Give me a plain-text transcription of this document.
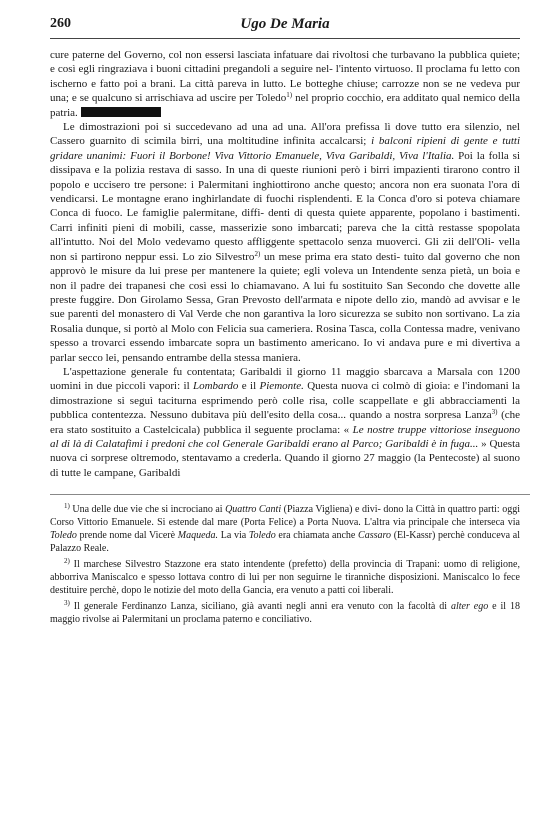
260	Ugo De Maria

cure paterne del Governo, col non essersi lasciata infatuare dai rivoltosi che turbavano la pubblica quiete; e così egli ringraziava i buoni cittadini pregandoli a seguire nel- l'intento virtuoso. Il proclama fu letto con ischerno e fatto poi a brani. La città pareva in lutto. Le botteghe chiuse; carrozze non se ne vedeva pur una; e se qualcuno si arrischiava ad uscire per Toledo$^{1)}$ nel proprio cocchio, era additato qual nemico della patria.

Le dimostrazioni poi si succedevano ad una ad una. All'ora prefissa lì dove tutto era silenzio, nel Cassero guarnito di scimila birri, una moltitudine infinita accalcarsi; i balconi ripieni di gente e tutti gridare unanimi: Fuori il Borbone! Viva Vittorio Emanuele, Viva Garibaldi, Viva l'Italia. Poi la folla si dissipava e la polizia restava di sasso. In una di queste riunioni però i birri impazienti tirarono contro il popolo e uccisero tre persone: i Palermitani inghiottirono anche questo; ancora non era suonata l'ora di vendicarsi. Le montagne erano inghirlandate di fuochi risplendenti. E la Conca d'oro si poteva chiamare Conca di fuoco. Le famiglie palermitane, diffi- denti di questa quiete apparente, popolano i bastimenti. Carri infiniti pieni di mobili, casse, masserizie sono imbarcati; pareva che la città restasse spopolata all'intutto. Noi del Molo vedevamo questo affliggente spettacolo senza muoverci. Gli zii dell'Oli- vella non si partirono neppur essi. Lo zio Silvestro$^{2)}$ un mese prima era stato desti- tuito dal governo che non approvò le misure da lui prese per mantenere la quiete; egli voleva un Intendente senza pietà, un boia e non il padre dei trapanesi che così essi lo chiamavano. A lui fu sostituito San Secondo che dovette alle preste fuggire. Don Girolamo Sessa, Gran Prevosto dell'armata e nipote dello zio, mandò ad avvisar e le sue parenti del monastero di Val Verde che non garantiva la loro sicurezza se subito non sortivano. La zia Rosalia dunque, si portò al Molo con Felicia sua cameriera. Rosina Tasca, colla Contessa madre, venivano spesso a trovarci essendo imbarcate sopra un bastimento americano. Io vi andava pure e mi divertiva a parlar secco lei, pensando entrambe della stessa maniera.

L'aspettazione generale fu contentata; Garibaldi il giorno 11 maggio sbarcava a Marsala con 1200 uomini in due piccoli vapori: il Lombardo e il Piemonte. Questa nuova ci colmò di gioia: e l'indomani la dimostrazione si seguì taciturna esprimendo però colle risa, colle scappellate e gli abbracciamenti la pubblica contentezza. Nessuno dubitava più dell'esito della cosa... quando a nostra sorpresa Lanza$^{3)}$ (che era stato sostituito a Castelcicala) pubblica il seguente proclama: « Le nostre truppe vittoriose inseguono al di là di Calatafimi i predoni che col Generale Garibaldi erano al Parco; Garibaldi è in fuga... » Questa nuova ci sorprese oltremodo, stentavamo a crederla. Quando il giorno 27 maggio (la Pentecoste) al suono di tutte le campane, Garibaldi

$^{1)}$ Una delle due vie che si incrociano ai Quattro Canti (Piazza Vigliena) e divi- dono la Città in quattro parti: oggi Corso Vittorio Emanuele. Si estende dal mare (Porta Felice) a Porta Nuova. L'altra via principale che interseca via Toledo prende nome dal Vicerè Maqueda. La via Toledo era chiamata anche Cassaro (El-Kassr) perchè conduceva al Palazzo Reale.

$^{2)}$ Il marchese Silvestro Stazzone era stato intendente (prefetto) della provincia di Trapani: uomo di religione, abborrivа Maniscalco e spesso lottava contro di lui per non seguirne le tirannìche disposizioni. Maniscalco lo fece destituire perchè, dopo le notizie del moto della Gancia, era venuto a patti coi liberali.

$^{3)}$ Il generale Ferdinanzo Lanza, siciliano, già avanti negli anni era venuto con la facoltà di alter ego e il 18 maggio rivolse ai Palermitani un proclama paterno e conciliativo.
